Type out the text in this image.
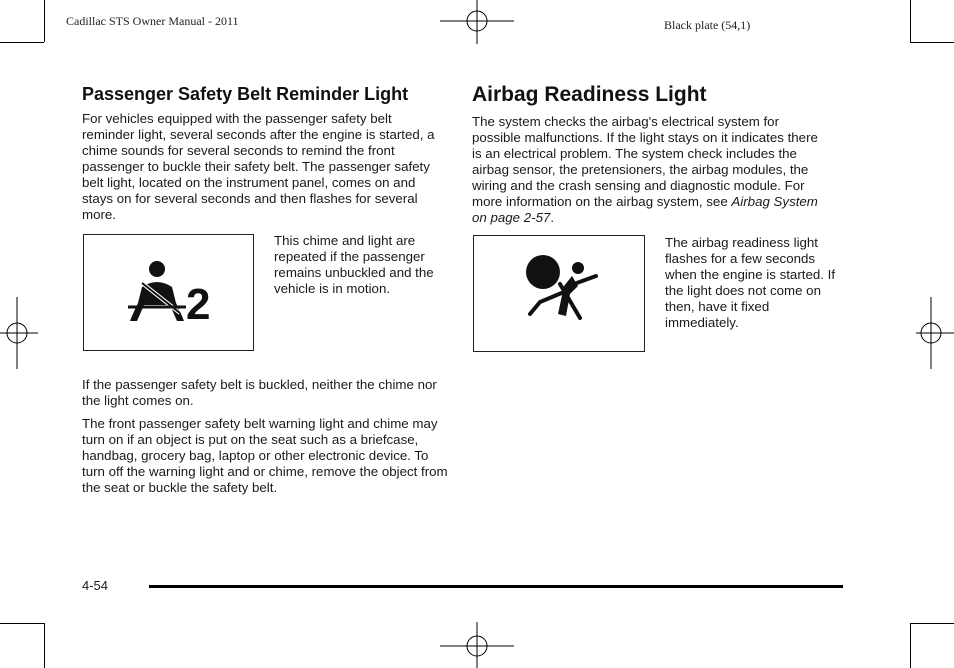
Cadillac STS Owner Manual - 2011	Black plate (54,1)
Passenger Safety Belt Reminder Light

For vehicles equipped with the passenger safety belt reminder light, several seconds after the engine is started, a chime sounds for several seconds to remind the front passenger to buckle their safety belt. The passenger safety belt light, located on the instrument panel, comes on and stays on for several seconds and then flashes for several more.

2

This chime and light are repeated if the passenger remains unbuckled and the vehicle is in motion.

If the passenger safety belt is buckled, neither the chime nor the light comes on.

The front passenger safety belt warning light and chime may turn on if an object is put on the seat such as a briefcase, handbag, grocery bag, laptop or other electronic device. To turn off the warning light and or chime, remove the object from the seat or buckle the safety belt.

Airbag Readiness Light

The system checks the airbag's electrical system for possible malfunctions. If the light stays on it indicates there is an electrical problem. The system check includes the airbag sensor, the pretensioners, the airbag modules, the wiring and the crash sensing and diagnostic module. For more information on the airbag system, see Airbag System on page 2-57.

The airbag readiness light flashes for a few seconds when the engine is started. If the light does not come on then, have it fixed immediately.

4-54
